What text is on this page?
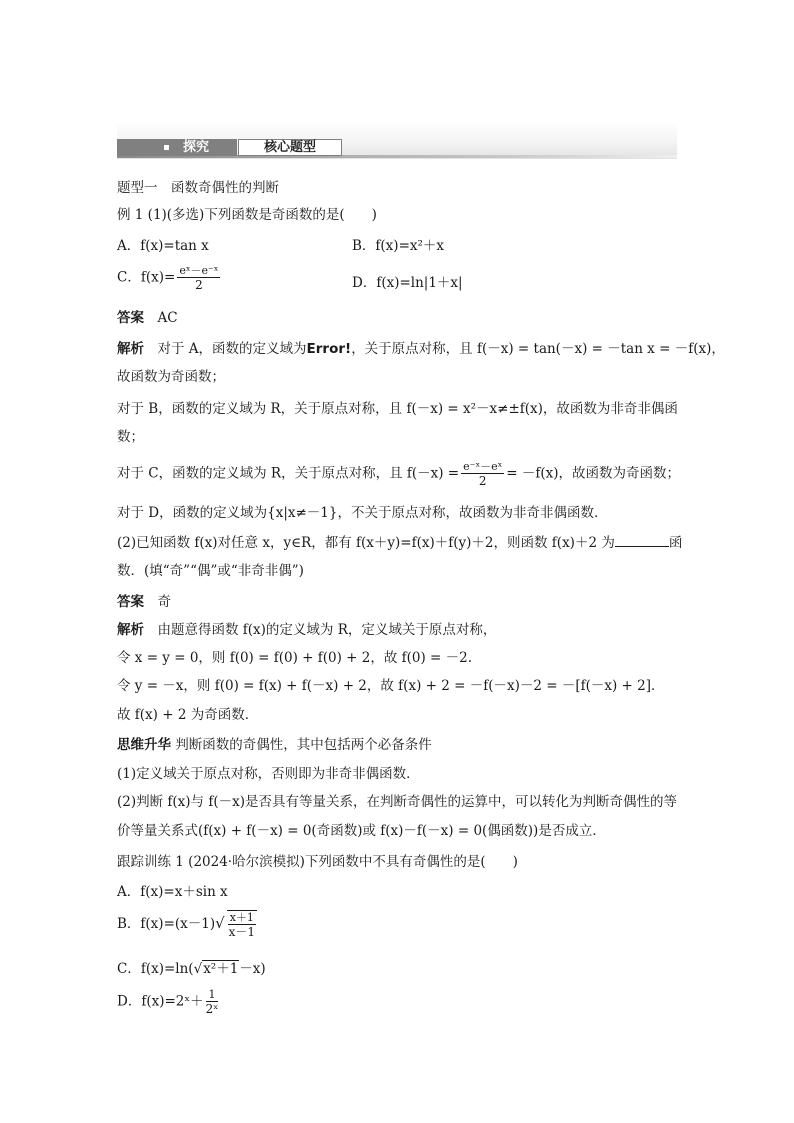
探究	核心题型
题型一　函数奇偶性的判断
例 1 (1)(多选)下列函数是奇函数的是(　　)
A．f(x)=tan x	B．f(x)=x²＋x
C．$f(x)= \frac{\text{eˣ－e⁻ˣ}}{2}$	D．f(x)=ln|1＋x|
答案　 AC
解析　 对于 A，函数的定义域为Error!，关于原点对称，且 f(－x) = tan(－x) = －tan x = －f(x)，
故函数为奇函数；
对于 B，函数的定义域为 R，关于原点对称，且 f(－x) = x²－x≠±f(x)，故函数为非奇非偶函
数；
对于 C，函数的定义域为 R，关于原点对称，且 $f(-x) = \frac{\text{e⁻ˣ－eˣ}}{2} = -f(x)$，故函数为奇函数；
对于 D，函数的定义域为{x|x≠－1}，不关于原点对称，故函数为非奇非偶函数．
(2)已知函数 f(x)对任意 x，y∈R，都有 f(x＋y)=f(x)＋f(y)＋2，则函数 f(x)＋2 为	函
数．(填“奇”“偶”或“非奇非偶”)
答案　 奇
解析　 由题意得函数 f(x)的定义域为 R，定义域关于原点对称，
令 x = y = 0，则 f(0) = f(0) + f(0) + 2，故 f(0) = －2.
令 y = －x，则 f(0) = f(x) + f(－x) + 2，故 f(x) + 2 = －f(－x)－2 = －[f(－x) + 2]．
故 f(x) + 2 为奇函数．
思维升华 判断函数的奇偶性，其中包括两个必备条件
(1)定义域关于原点对称，否则即为非奇非偶函数．
(2)判断 f(x)与 f(－x)是否具有等量关系，在判断奇偶性的运算中，可以转化为判断奇偶性的等
价等量关系式(f(x) + f(－x) = 0(奇函数)或 f(x)－f(－x) = 0(偶函数))是否成立．
跟踪训练 1 (2024·哈尔滨模拟)下列函数中不具有奇偶性的是(　　)
A．f(x)=x＋sin x
B．$f(x)=(x-1)√ \frac{x+1}{x-1}$
C．f(x)=ln(√x²＋1－x)
D．f(x)=2ˣ＋ $\frac{1}{\text{2ˣ}}$
